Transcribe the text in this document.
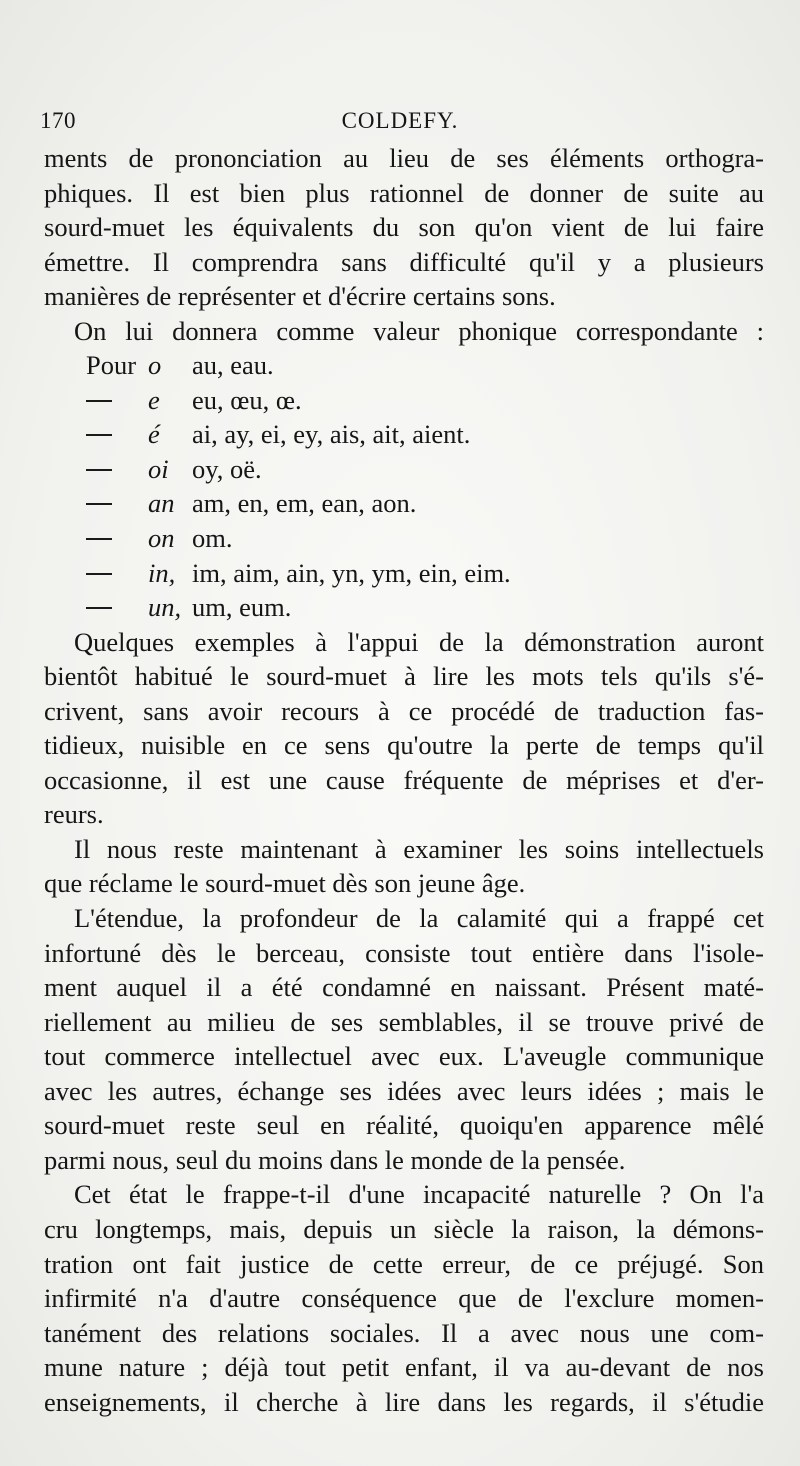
170	COLDEFY.
ments de prononciation au lieu de ses éléments orthogra-
phiques. Il est bien plus rationnel de donner de suite au
sourd-muet les équivalents du son qu'on vient de lui faire
émettre. Il comprendra sans difficulté qu'il y a plusieurs
manières de représenter et d'écrire certains sons.
On lui donnera comme valeur phonique correspondante :
Pour o au, eau.
e eu, œu, œ.
é ai, ay, ei, ey, ais, ait, aient.
oi oy, oë.
an am, en, em, ean, aon.
on om.
in, im, aim, ain, yn, ym, ein, eim.
un, um, eum.
Quelques exemples à l'appui de la démonstration auront
bientôt habitué le sourd-muet à lire les mots tels qu'ils s'é-
crivent, sans avoir recours à ce procédé de traduction fas-
tidieux, nuisible en ce sens qu'outre la perte de temps qu'il
occasionne, il est une cause fréquente de méprises et d'er-
reurs.
Il nous reste maintenant à examiner les soins intellectuels
que réclame le sourd-muet dès son jeune âge.
L'étendue, la profondeur de la calamité qui a frappé cet
infortuné dès le berceau, consiste tout entière dans l'isole-
ment auquel il a été condamné en naissant. Présent maté-
riellement au milieu de ses semblables, il se trouve privé de
tout commerce intellectuel avec eux. L'aveugle communique
avec les autres, échange ses idées avec leurs idées ; mais le
sourd-muet reste seul en réalité, quoiqu'en apparence mêlé
parmi nous, seul du moins dans le monde de la pensée.
Cet état le frappe-t-il d'une incapacité naturelle ? On l'a
cru longtemps, mais, depuis un siècle la raison, la démons-
tration ont fait justice de cette erreur, de ce préjugé. Son
infirmité n'a d'autre conséquence que de l'exclure momen-
tanément des relations sociales. Il a avec nous une com-
mune nature ; déjà tout petit enfant, il va au-devant de nos
enseignements, il cherche à lire dans les regards, il s'étudie
